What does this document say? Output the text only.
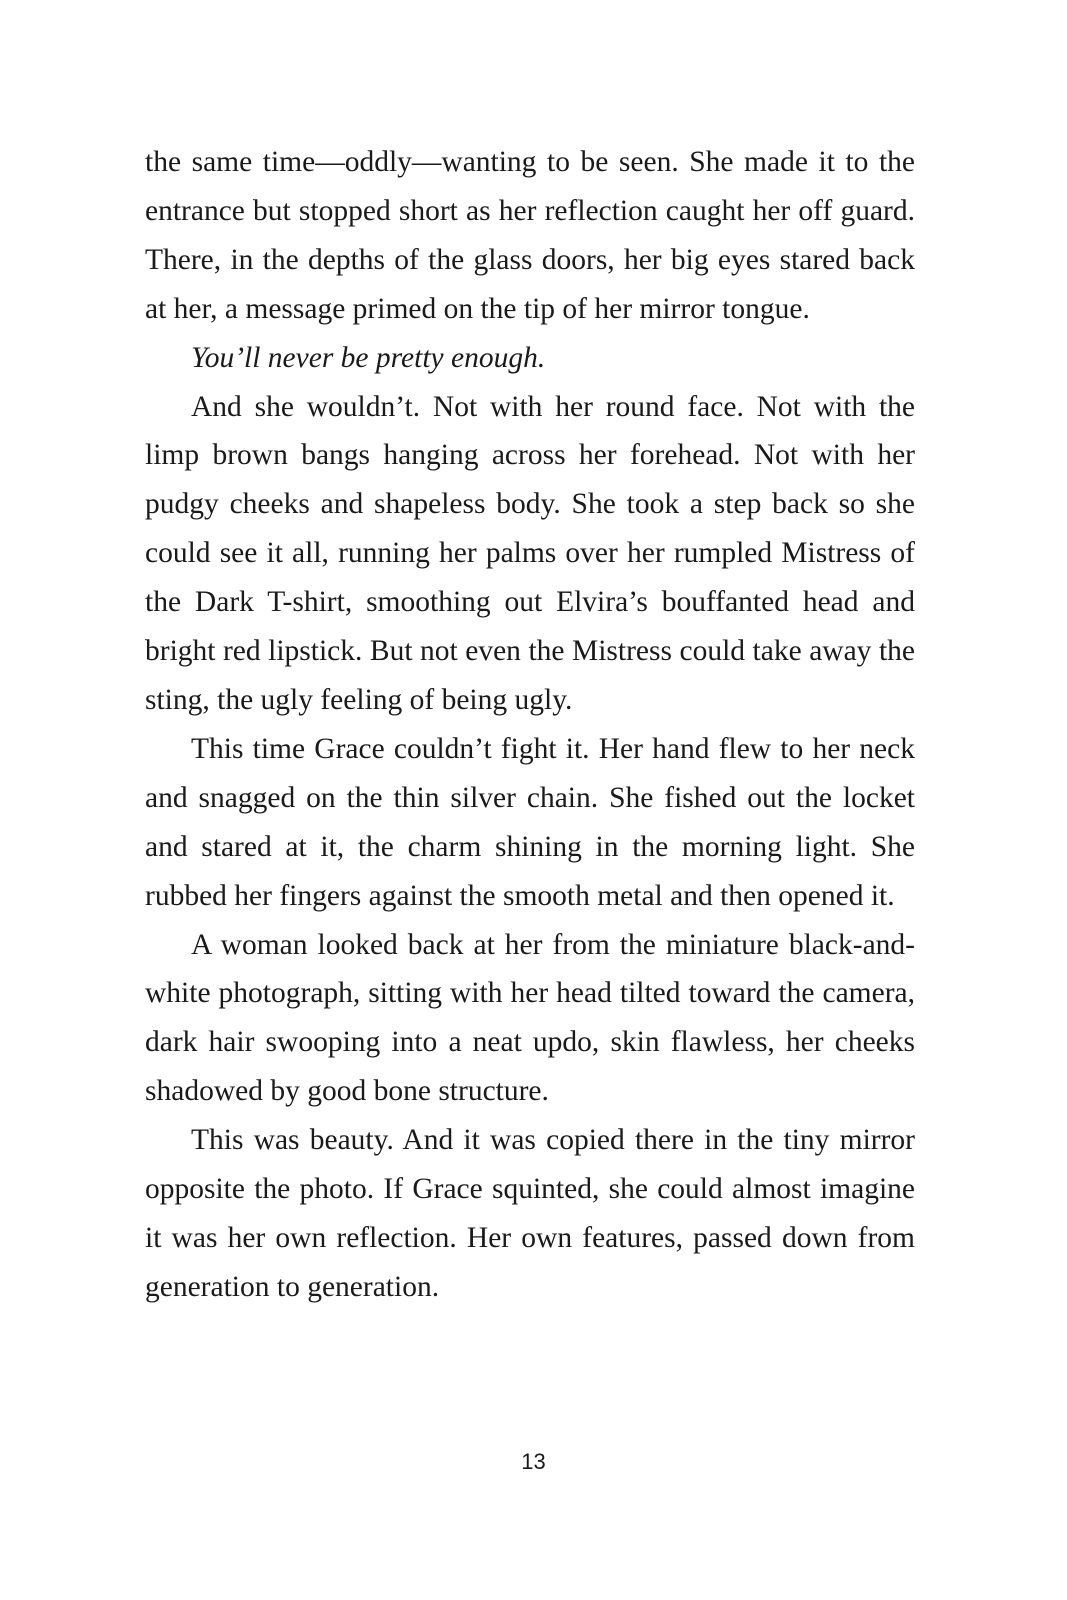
the same time—oddly—wanting to be seen. She made it to the entrance but stopped short as her reflection caught her off guard. There, in the depths of the glass doors, her big eyes stared back at her, a message primed on the tip of her mirror tongue.

You’ll never be pretty enough.

And she wouldn’t. Not with her round face. Not with the limp brown bangs hanging across her forehead. Not with her pudgy cheeks and shapeless body. She took a step back so she could see it all, running her palms over her rumpled Mistress of the Dark T-shirt, smoothing out Elvira’s bouffanted head and bright red lipstick. But not even the Mistress could take away the sting, the ugly feeling of being ugly.

This time Grace couldn’t fight it. Her hand flew to her neck and snagged on the thin silver chain. She fished out the locket and stared at it, the charm shining in the morning light. She rubbed her fingers against the smooth metal and then opened it.

A woman looked back at her from the miniature black-and-white photograph, sitting with her head tilted toward the camera, dark hair swooping into a neat updo, skin flawless, her cheeks shadowed by good bone structure.

This was beauty. And it was copied there in the tiny mirror opposite the photo. If Grace squinted, she could almost imagine it was her own reflection. Her own features, passed down from generation to generation.

13
